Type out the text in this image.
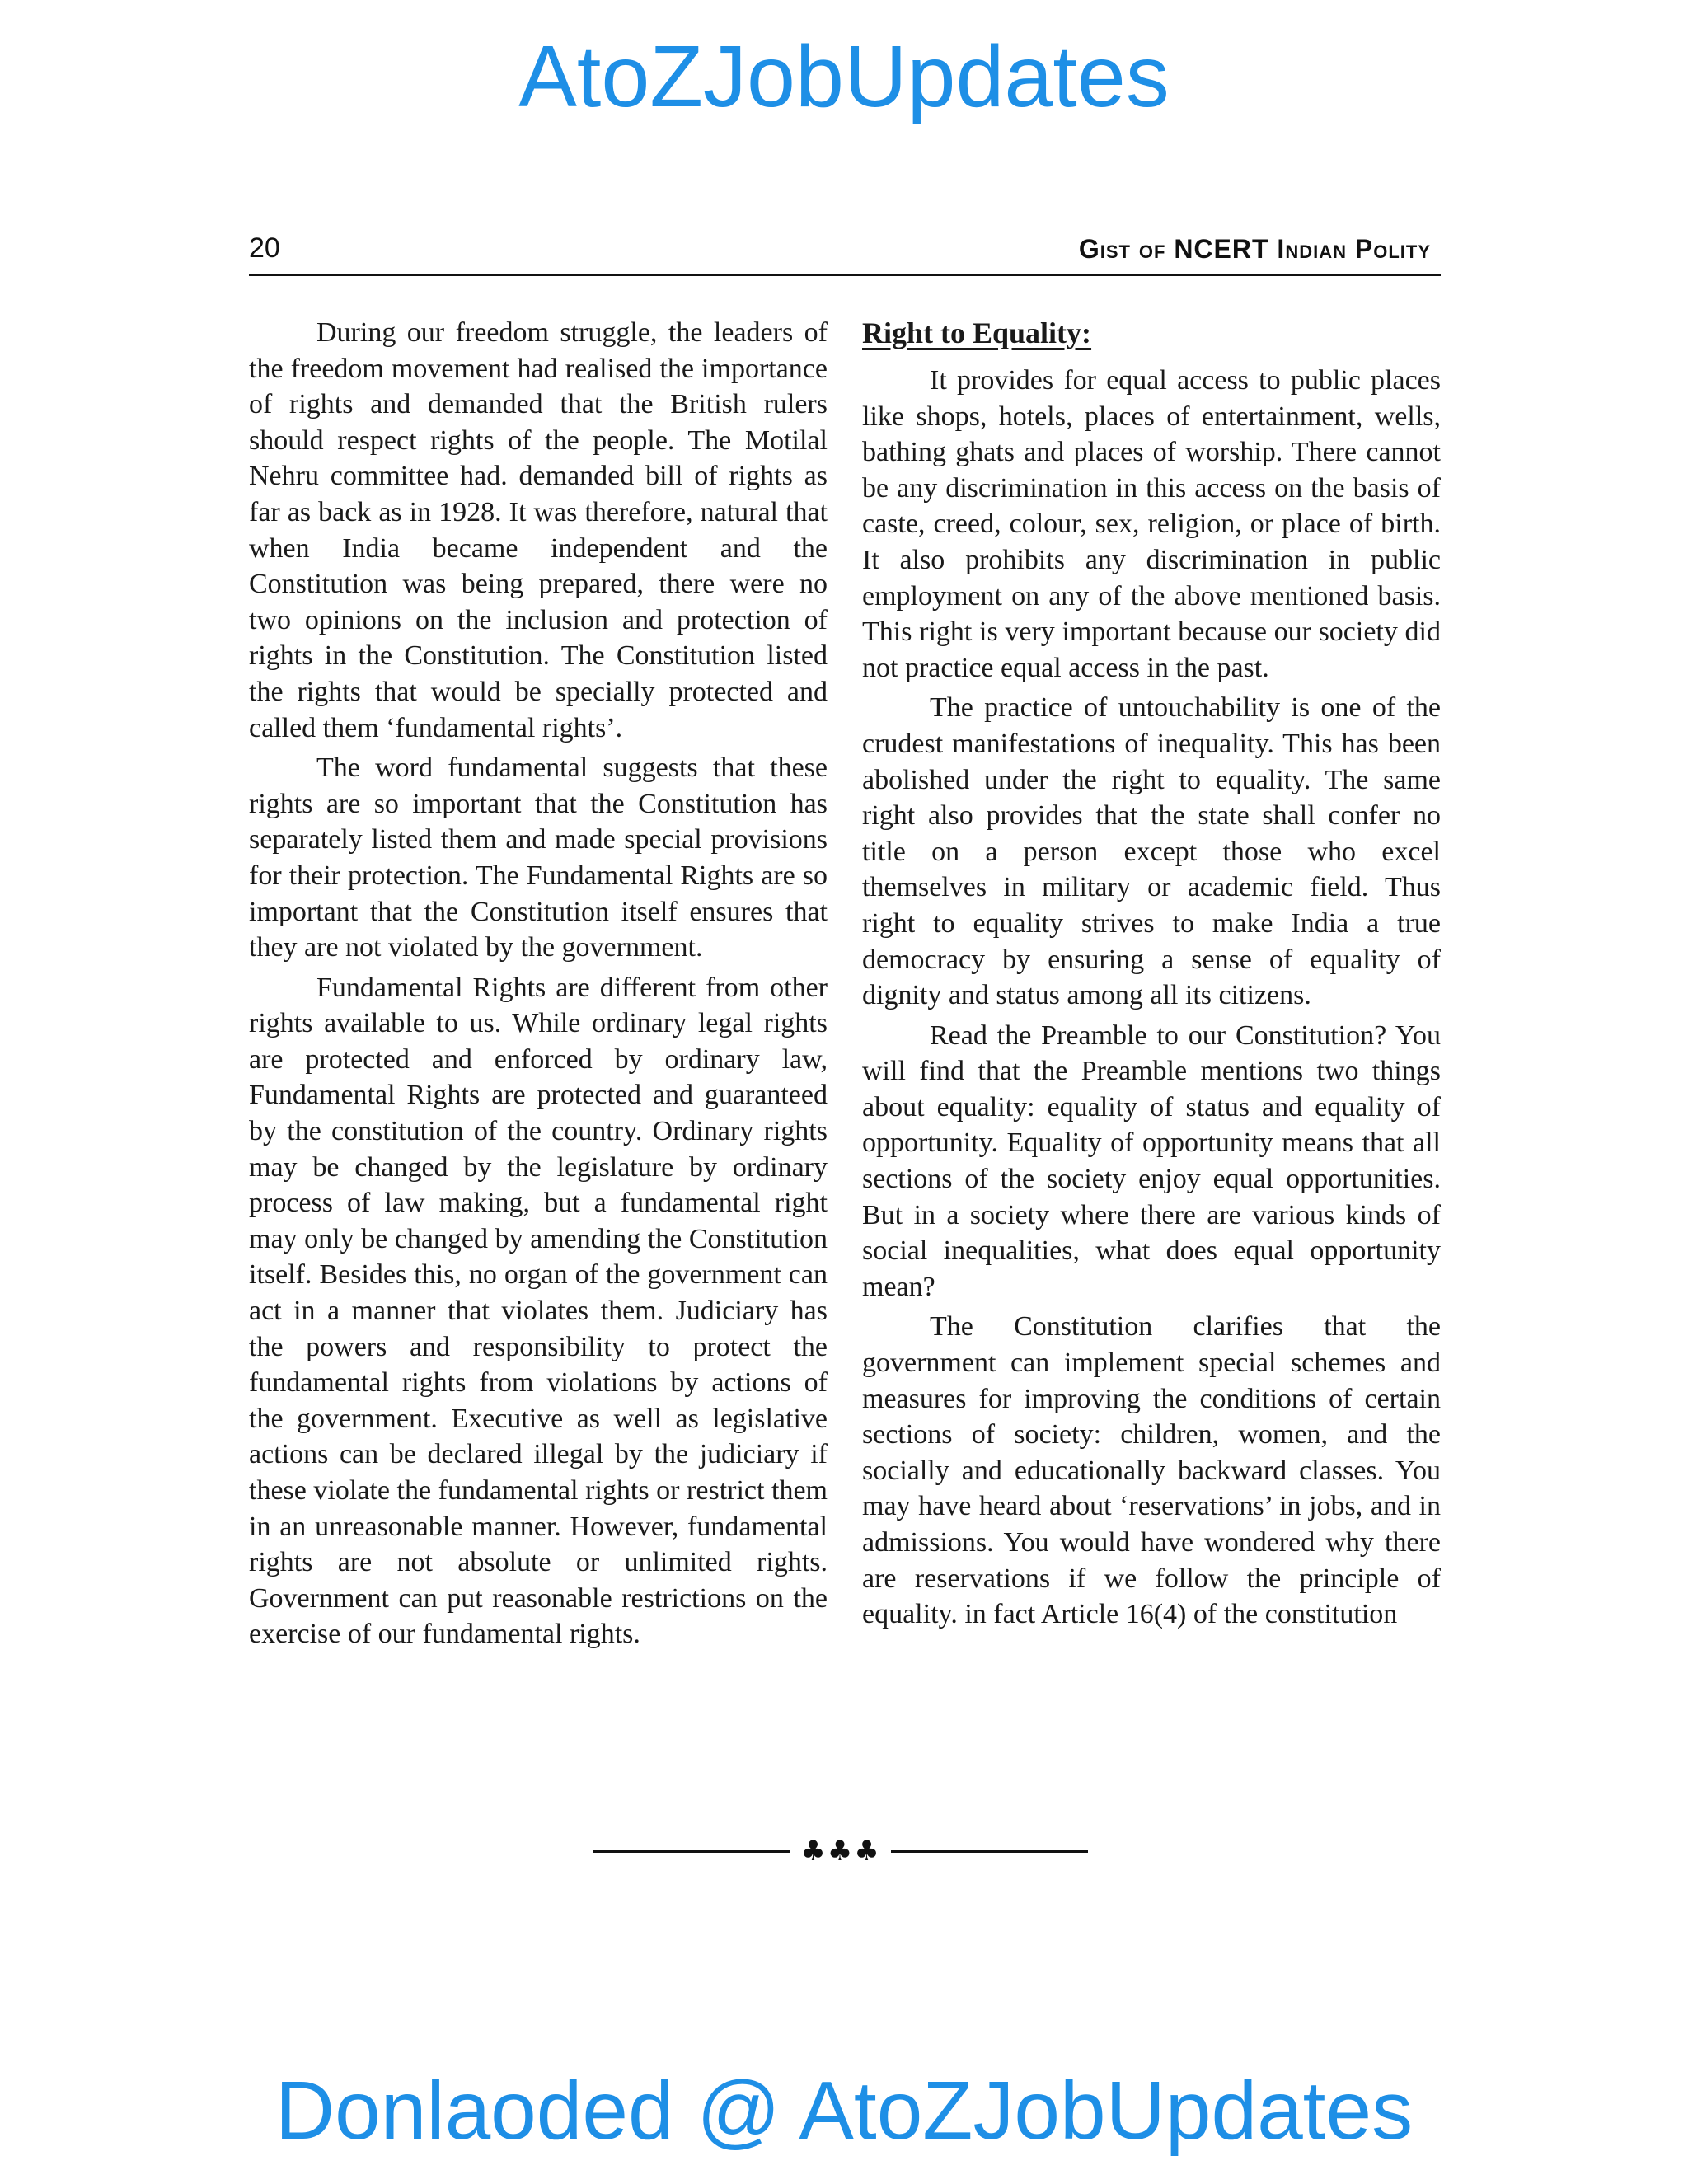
AtoZJobUpdates
20	Gist of NCERT Indian Polity

During our freedom struggle, the leaders of the freedom movement had realised the importance of rights and demanded that the British rulers should respect rights of the people. The Motilal Nehru committee had. demanded bill of rights as far as back as in 1928. It was therefore, natural that when India became independent and the Constitution was being prepared, there were no two opinions on the inclusion and protection of rights in the Constitution. The Constitution listed the rights that would be specially protected and called them ‘fundamental rights’.

The word fundamental suggests that these rights are so important that the Constitution has separately listed them and made special provisions for their protection. The Fundamental Rights are so important that the Constitution itself ensures that they are not violated by the government.

Fundamental Rights are different from other rights available to us. While ordinary legal rights are protected and enforced by ordinary law, Fundamental Rights are protected and guaranteed by the constitution of the country. Ordinary rights may be changed by the legislature by ordinary process of law making, but a fundamental right may only be changed by amending the Constitution itself. Besides this, no organ of the government can act in a manner that violates them. Judiciary has the powers and responsibility to protect the fundamental rights from violations by actions of the government. Executive as well as legislative actions can be declared illegal by the judiciary if these violate the fundamental rights or restrict them in an unreasonable manner. However, fundamental rights are not absolute or unlimited rights. Government can put reasonable restrictions on the exercise of our fundamental rights.

Right to Equality:

It provides for equal access to public places like shops, hotels, places of entertainment, wells, bathing ghats and places of worship. There cannot be any discrimination in this access on the basis of caste, creed, colour, sex, religion, or place of birth. It also prohibits any discrimination in public employment on any of the above mentioned basis. This right is very important because our society did not practice equal access in the past.

The practice of untouchability is one of the crudest manifestations of inequality. This has been abolished under the right to equality. The same right also provides that the state shall confer no title on a person except those who excel themselves in military or academic field. Thus right to equality strives to make India a true democracy by ensuring a sense of equality of dignity and status among all its citizens.

Read the Preamble to our Constitution? You will find that the Preamble mentions two things about equality: equality of status and equality of opportunity. Equality of opportunity means that all sections of the society enjoy equal opportunities. But in a society where there are various kinds of social inequalities, what does equal opportunity mean?

The Constitution clarifies that the government can implement special schemes and measures for improving the conditions of certain sections of society: children, women, and the socially and educationally backward classes. You may have heard about ‘reservations’ in jobs, and in admissions. You would have wondered why there are reservations if we follow the principle of equality. in fact Article 16(4) of the constitution

♣♣♣
Donlaoded @ AtoZJobUpdates
